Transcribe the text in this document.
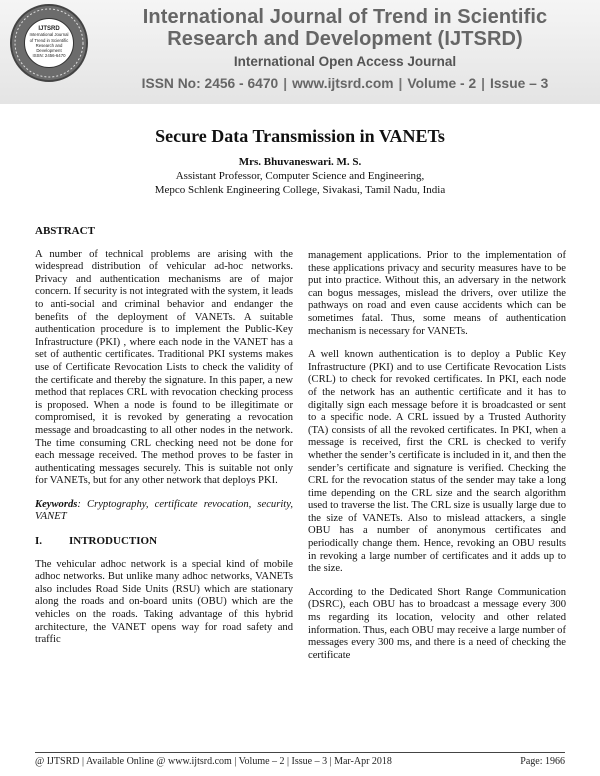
IJTSRD
International Journal
of Trend in Scientific
Research and
Development
ISSN: 2456-6470
International Journal of Trend in Scientific
Research and Development (IJTSRD)
International Open Access Journal
ISSN No: 2456 - 6470 | www.ijtsrd.com | Volume - 2 | Issue – 3
Secure Data Transmission in VANETs
Mrs. Bhuvaneswari. M. S.
Assistant Professor, Computer Science and Engineering,
Mepco Schlenk Engineering College, Sivakasi, Tamil Nadu, India
ABSTRACT

A number of technical problems are arising with the widespread distribution of vehicular ad-hoc networks. Privacy and authentication mechanisms are of major concern. If security is not integrated with the system, it leads to anti-social and criminal behavior and endanger the benefits of the deployment of VANETs. A suitable authentication procedure is to implement the Public-Key Infrastructure (PKI) , where each node in the VANET has a set of authentic certificates. Traditional PKI systems makes use of Certificate Revocation Lists to check the validity of the certificate and thereby the signature. In this paper, a new method that replaces CRL with revocation checking process is proposed. When a node is found to be illegitimate or compromised, it is revoked by generating a revocation message and broadcasting to all other nodes in the network. The time consuming CRL checking need not be done for each message received. The method proves to be faster in authenticating messages securely. This is suitable not only for VANETs, but for any other network that deploys PKI.

Keywords: Cryptography, certificate revocation, security, VANET

I. INTRODUCTION

The vehicular adhoc network is a special kind of mobile adhoc networks. But unlike many adhoc networks, VANETs also includes Road Side Units (RSU) which are stationary along the roads and on-board units (OBU) which are the vehicles on the roads. Taking advantage of this hybrid architecture, the VANET opens way for road safety and traffic

management applications. Prior to the implementation of these applications privacy and security measures have to be put into practice. Without this, an adversary in the network can bogus messages, mislead the drivers, over utilize the pathways on road and even cause accidents which can be sometimes fatal. Thus, some means of authentication mechanism is necessary for VANETs.

A well known authentication is to deploy a Public Key Infrastructure (PKI) and to use Certificate Revocation Lists (CRL) to check for revoked certificates. In PKI, each node of the network has an authentic certificate and it has to digitally sign each message before it is broadcasted or sent to a specific node. A CRL issued by a Trusted Authority (TA) consists of all the revoked certificates. In PKI, when a message is received, first the CRL is checked to verify whether the sender’s certificate is included in it, and then the sender’s certificate and signature is verified. Checking the CRL for the revocation status of the sender may take a long time depending on the CRL size and the search algorithm used to traverse the list. The CRL size is usually large due to the size of VANETs. Also to mislead attackers, a single OBU has a number of anonymous certificates and periodically change them. Hence, revoking an OBU results in revoking a large number of certificates and it adds up to the size.

According to the Dedicated Short Range Communication (DSRC), each OBU has to broadcast a message every 300 ms regarding its location, velocity and other related information. Thus, each OBU may receive a large number of messages every 300 ms, and there is a need of checking the certificate

@ IJTSRD | Available Online @ www.ijtsrd.com | Volume – 2 | Issue – 3 | Mar-Apr 2018	Page: 1966
